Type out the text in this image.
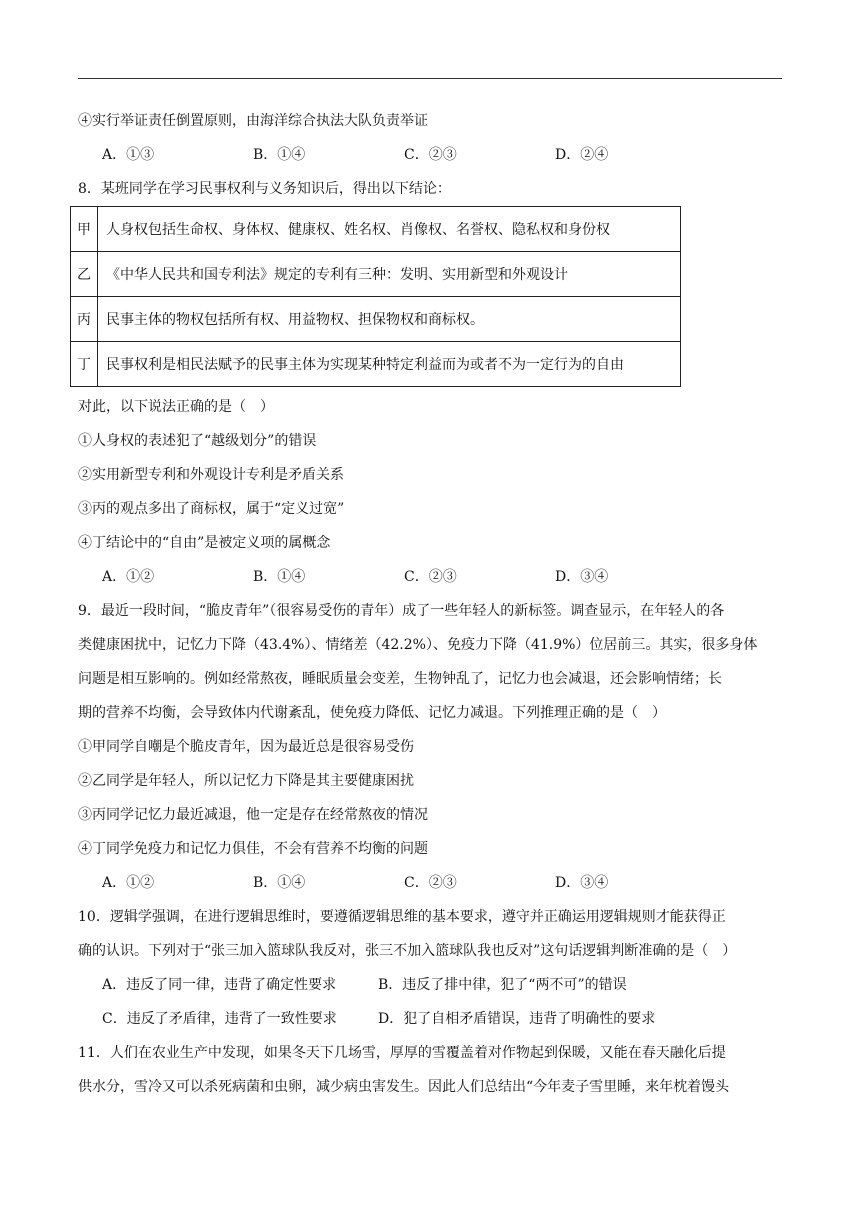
④实行举证责任倒置原则，由海洋综合执法大队负责举证
A．①③	B．①④	C．②③	D．②④
8．某班同学在学习民事权利与义务知识后，得出以下结论：
甲	人身权包括生命权、身体权、健康权、姓名权、肖像权、名誉权、隐私权和身份权
乙	《中华人民共和国专利法》规定的专利有三种：发明、实用新型和外观设计
丙	民事主体的物权包括所有权、用益物权、担保物权和商标权。
丁	民事权利是相民法赋予的民事主体为实现某种特定利益而为或者不为一定行为的自由
对此，以下说法正确的是（　）
①人身权的表述犯了“越级划分”的错误
②实用新型专利和外观设计专利是矛盾关系
③丙的观点多出了商标权，属于“定义过宽”
④丁结论中的“自由”是被定义项的属概念
A．①②	B．①④	C．②③	D．③④
9．最近一段时间，“脆皮青年”（很容易受伤的青年）成了一些年轻人的新标签。调查显示，在年轻人的各
类健康困扰中，记忆力下降（43.4%）、情绪差（42.2%）、免疫力下降（41.9%）位居前三。其实，很多身体
问题是相互影响的。例如经常熬夜，睡眠质量会变差，生物钟乱了，记忆力也会减退，还会影响情绪；长
期的营养不均衡，会导致体内代谢紊乱，使免疫力降低、记忆力减退。下列推理正确的是（　）
①甲同学自嘲是个脆皮青年，因为最近总是很容易受伤
②乙同学是年轻人，所以记忆力下降是其主要健康困扰
③丙同学记忆力最近减退，他一定是存在经常熬夜的情况
④丁同学免疫力和记忆力俱佳，不会有营养不均衡的问题
A．①②	B．①④	C．②③	D．③④
10．逻辑学强调，在进行逻辑思维时，要遵循逻辑思维的基本要求，遵守并正确运用逻辑规则才能获得正
确的认识。下列对于“张三加入篮球队我反对，张三不加入篮球队我也反对”这句话逻辑判断准确的是（　）
A．违反了同一律，违背了确定性要求	B．违反了排中律，犯了“两不可”的错误
C．违反了矛盾律，违背了一致性要求	D．犯了自相矛盾错误，违背了明确性的要求
11．人们在农业生产中发现，如果冬天下几场雪，厚厚的雪覆盖着对作物起到保暖，又能在春天融化后提
供水分，雪冷又可以杀死病菌和虫卵，减少病虫害发生。因此人们总结出“今年麦子雪里睡，来年枕着馒头
